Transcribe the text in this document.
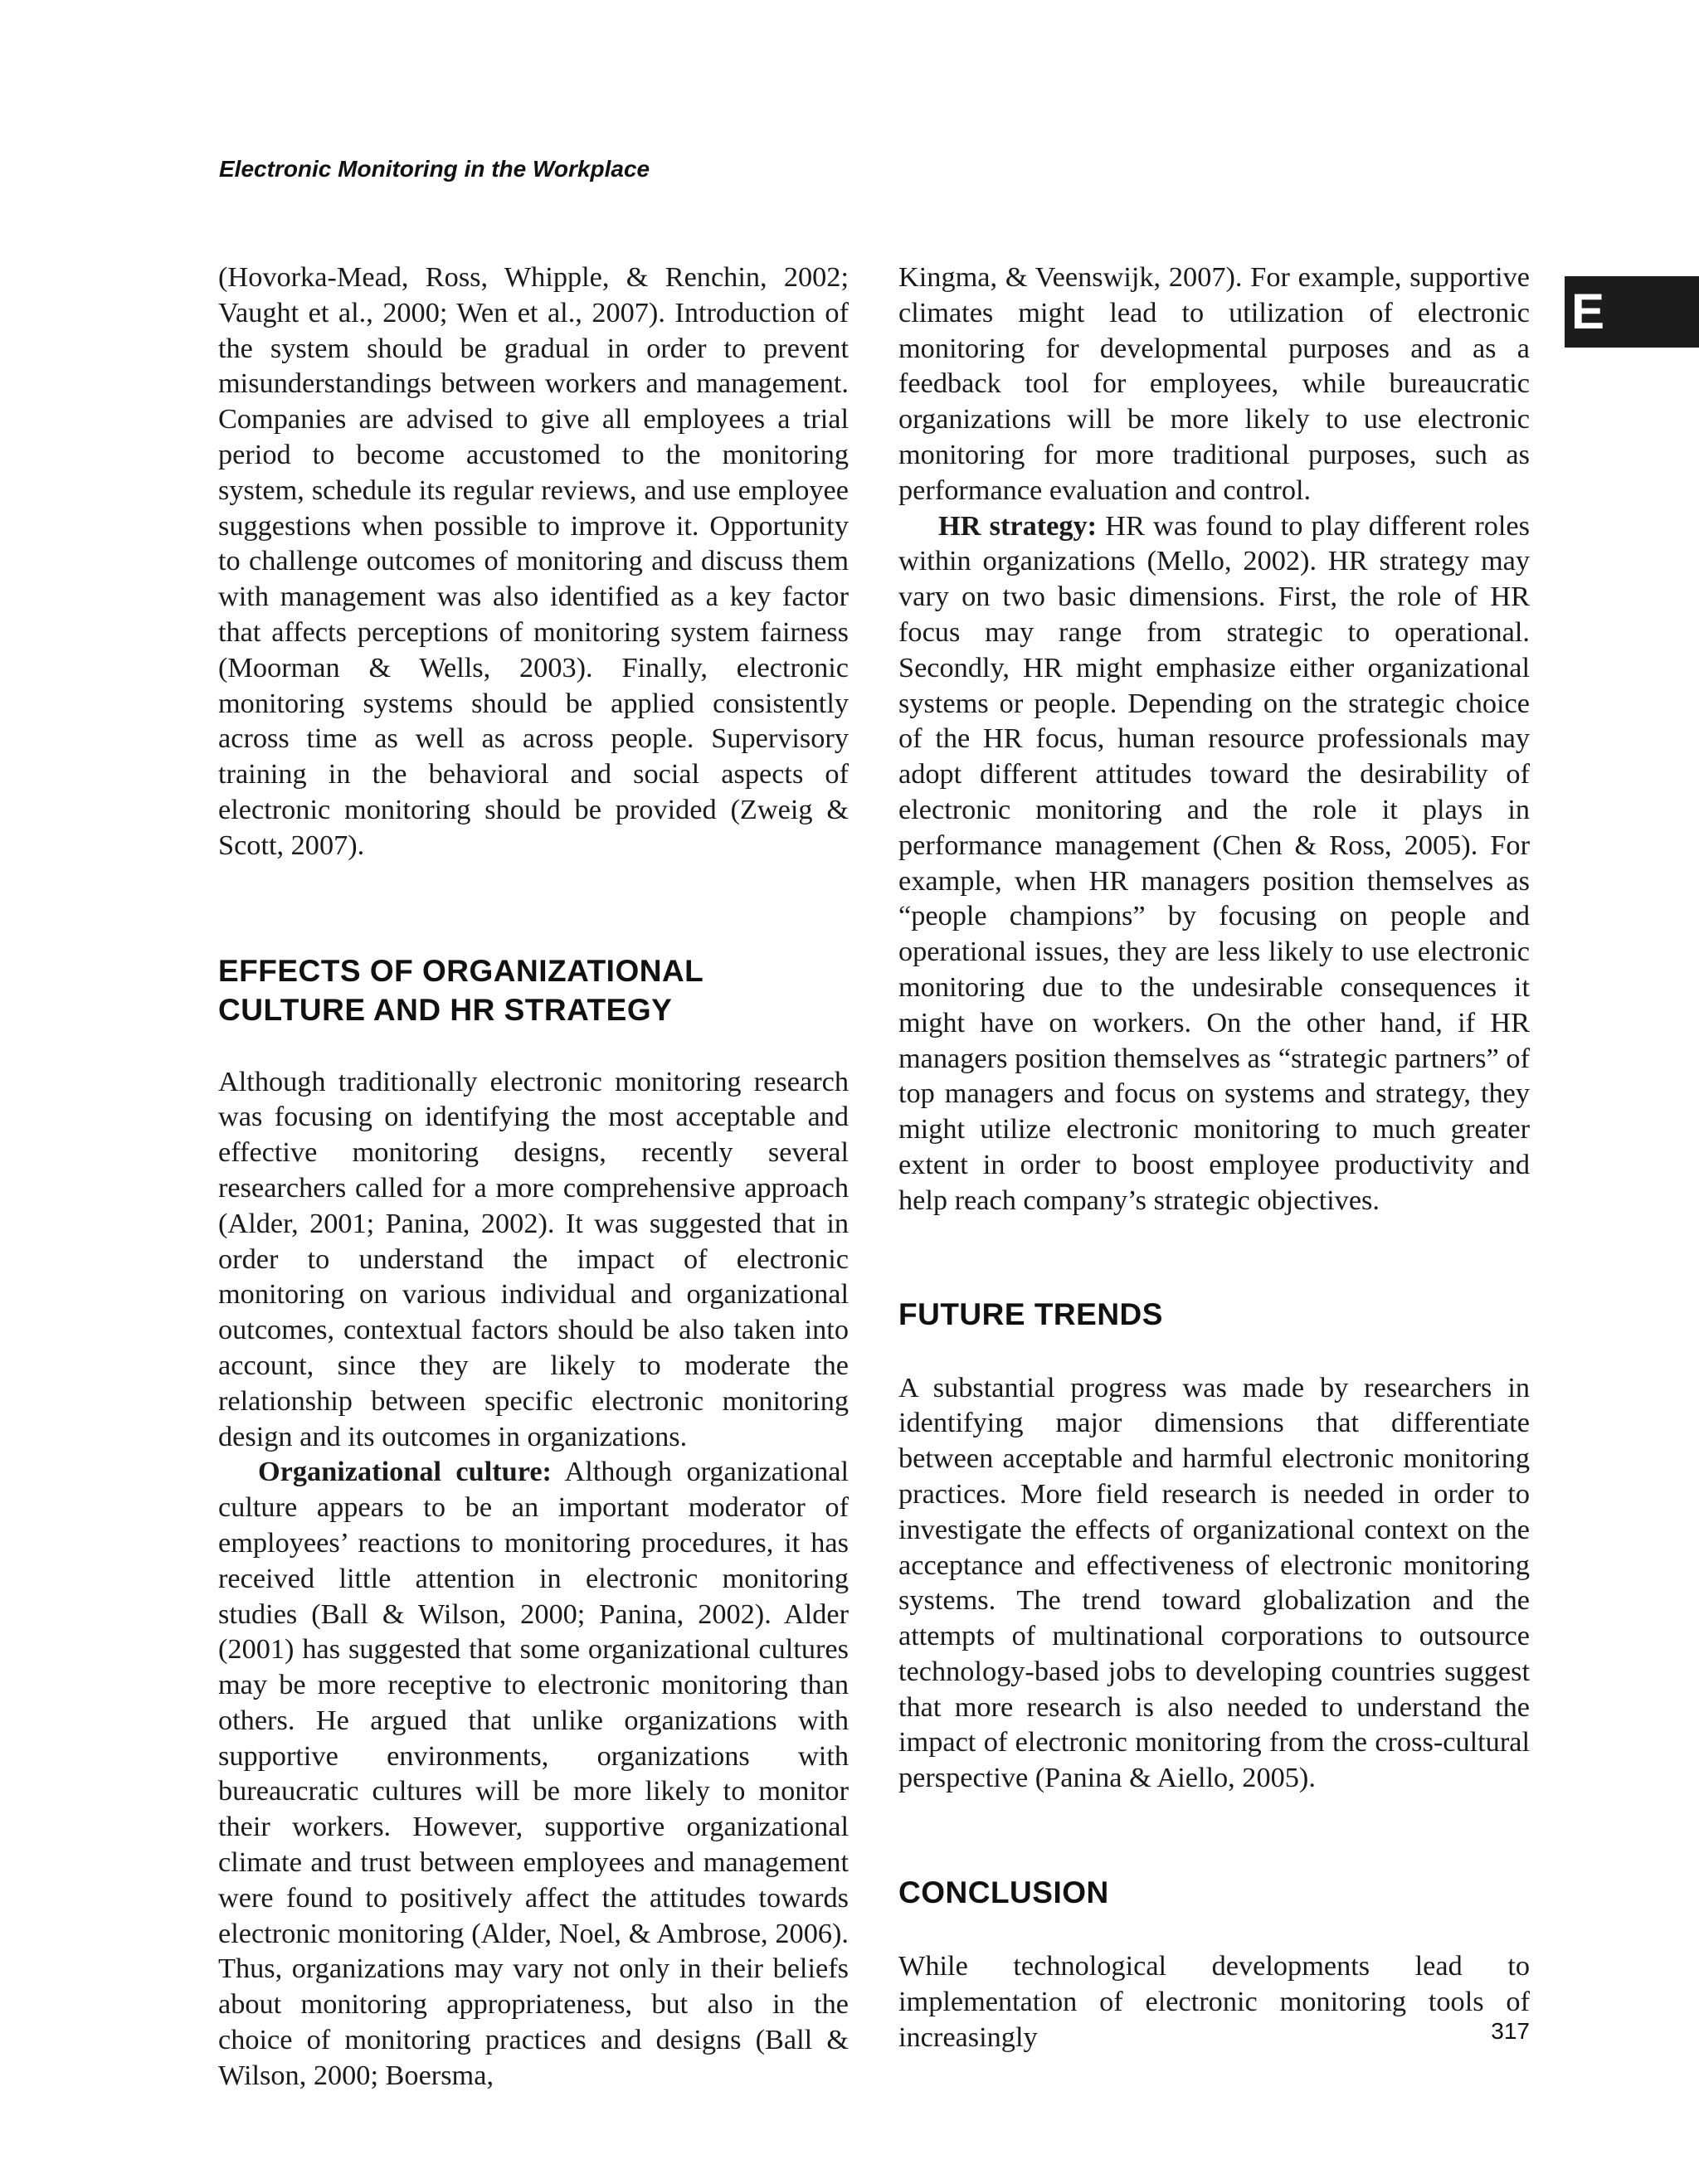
Electronic Monitoring in the Workplace

E

(Hovorka-Mead, Ross, Whipple, & Renchin, 2002; Vaught et al., 2000; Wen et al., 2007). Introduction of the system should be gradual in order to prevent misunderstandings between workers and management. Companies are advised to give all employees a trial period to become accustomed to the monitoring system, schedule its regular reviews, and use employee suggestions when possible to improve it. Opportunity to challenge outcomes of monitoring and discuss them with management was also identified as a key factor that affects perceptions of monitoring system fairness (Moorman & Wells, 2003). Finally, electronic monitoring systems should be applied consistently across time as well as across people. Supervisory training in the behavioral and social aspects of electronic monitoring should be provided (Zweig & Scott, 2007).

EFFECTS OF ORGANIZATIONAL
CULTURE AND HR STRATEGY

Although traditionally electronic monitoring research was focusing on identifying the most acceptable and effective monitoring designs, recently several researchers called for a more comprehensive approach (Alder, 2001; Panina, 2002). It was suggested that in order to understand the impact of electronic monitoring on various individual and organizational outcomes, contextual factors should be also taken into account, since they are likely to moderate the relationship between specific electronic monitoring design and its outcomes in organizations.

Organizational culture: Although organizational culture appears to be an important moderator of employees’ reactions to monitoring procedures, it has received little attention in electronic monitoring studies (Ball & Wilson, 2000; Panina, 2002). Alder (2001) has suggested that some organizational cultures may be more receptive to electronic monitoring than others. He argued that unlike organizations with supportive environments, organizations with bureaucratic cultures will be more likely to monitor their workers. However, supportive organizational climate and trust between employees and management were found to positively affect the attitudes towards electronic monitoring (Alder, Noel, & Ambrose, 2006). Thus, organizations may vary not only in their beliefs about monitoring appropriateness, but also in the choice of monitoring practices and designs (Ball & Wilson, 2000; Boersma,

Kingma, & Veenswijk, 2007). For example, supportive climates might lead to utilization of electronic monitoring for developmental purposes and as a feedback tool for employees, while bureaucratic organizations will be more likely to use electronic monitoring for more traditional purposes, such as performance evaluation and control.

HR strategy: HR was found to play different roles within organizations (Mello, 2002). HR strategy may vary on two basic dimensions. First, the role of HR focus may range from strategic to operational. Secondly, HR might emphasize either organizational systems or people. Depending on the strategic choice of the HR focus, human resource professionals may adopt different attitudes toward the desirability of electronic monitoring and the role it plays in performance management (Chen & Ross, 2005). For example, when HR managers position themselves as “people champions” by focusing on people and operational issues, they are less likely to use electronic monitoring due to the undesirable consequences it might have on workers. On the other hand, if HR managers position themselves as “strategic partners” of top managers and focus on systems and strategy, they might utilize electronic monitoring to much greater extent in order to boost employee productivity and help reach company’s strategic objectives.

FUTURE TRENDS

A substantial progress was made by researchers in identifying major dimensions that differentiate between acceptable and harmful electronic monitoring practices. More field research is needed in order to investigate the effects of organizational context on the acceptance and effectiveness of electronic monitoring systems. The trend toward globalization and the attempts of multinational corporations to outsource technology-based jobs to developing countries suggest that more research is also needed to understand the impact of electronic monitoring from the cross-cultural perspective (Panina & Aiello, 2005).

CONCLUSION

While technological developments lead to implementation of electronic monitoring tools of increasingly	317
